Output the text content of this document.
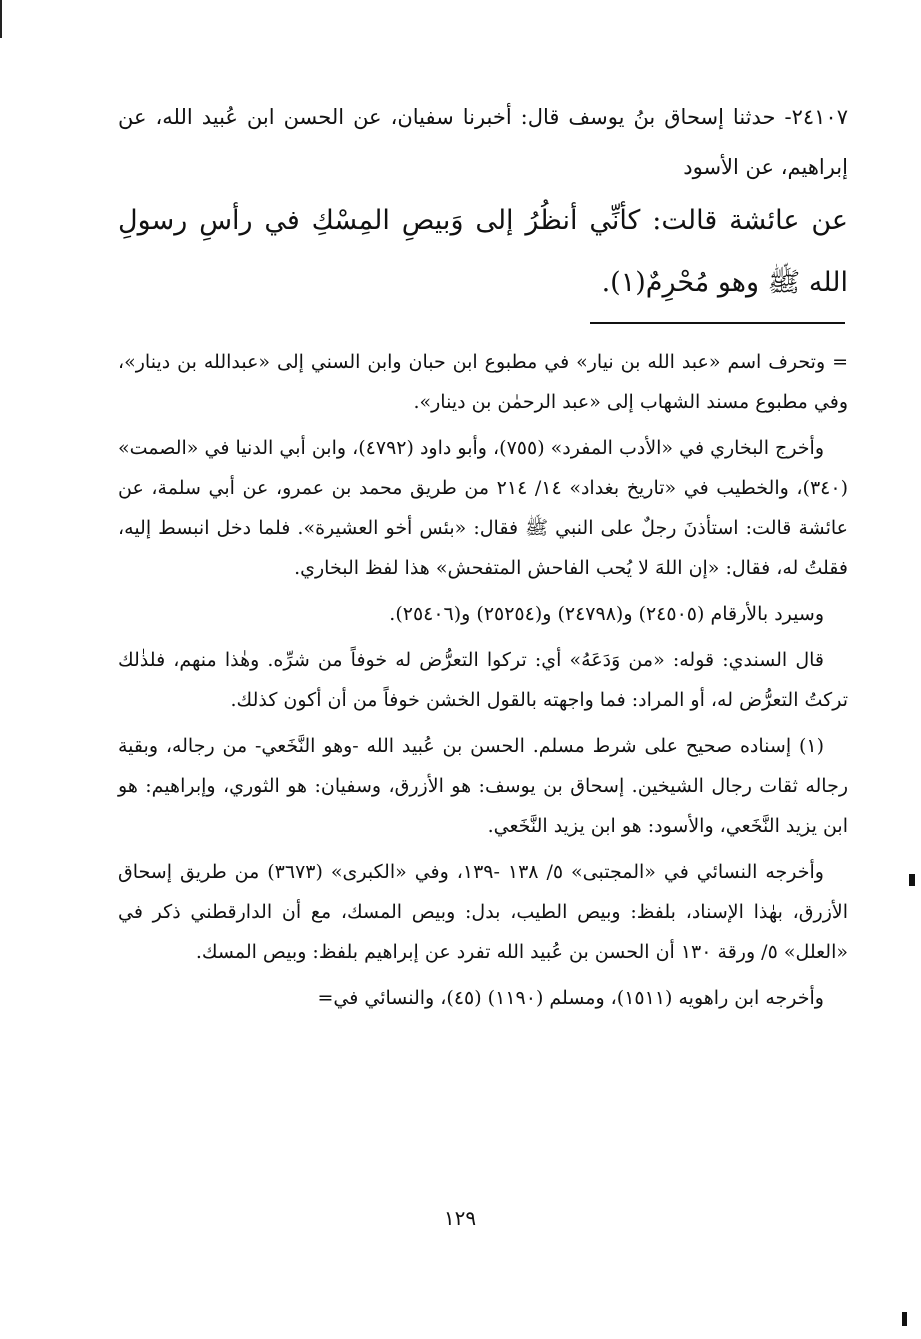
٢٤١٠٧- حدثنا إسحاق بنُ يوسف قال: أخبرنا سفيان، عن الحسن ابن عُبيد الله، عن إبراهيم، عن الأسود
عن عائشة قالت: كأنِّي أنظُرُ إلى وَبيصِ المِسْكِ في رأسِ رسولِ الله ﷺ وهو مُحْرِمٌ(١).

= وتحرف اسم «عبد الله بن نيار» في مطبوع ابن حبان وابن السني إلى «عبدالله بن دينار»، وفي مطبوع مسند الشهاب إلى «عبد الرحمٰن بن دينار».

وأخرج البخاري في «الأدب المفرد» (٧٥٥)، وأبو داود (٤٧٩٢)، وابن أبي الدنيا في «الصمت» (٣٤٠)، والخطيب في «تاريخ بغداد» ١٤/ ٢١٤ من طريق محمد بن عمرو، عن أبي سلمة، عن عائشة قالت: استأذنَ رجلٌ على النبي ﷺ فقال: «بئس أخو العشيرة». فلما دخل انبسط إليه، فقلتُ له، فقال: «إن اللهَ لا يُحب الفاحش المتفحش» هذا لفظ البخاري.

وسيرد بالأرقام (٢٤٥٠٥) و(٢٤٧٩٨) و(٢٥٢٥٤) و(٢٥٤٠٦).

قال السندي: قوله: «من وَدَعَهُ» أي: تركوا التعرُّض له خوفاً من شرِّه. وهٰذا منهم، فلذٰلك تركتُ التعرُّض له، أو المراد: فما واجهته بالقول الخشن خوفاً من أن أكون كذلك.

(١) إسناده صحيح على شرط مسلم. الحسن بن عُبيد الله -وهو النَّخَعي- من رجاله، وبقية رجاله ثقات رجال الشيخين. إسحاق بن يوسف: هو الأزرق، وسفيان: هو الثوري، وإبراهيم: هو ابن يزيد النَّخَعي، والأسود: هو ابن يزيد النَّخَعي.

وأخرجه النسائي في «المجتبى» ٥/ ١٣٨ -١٣٩، وفي «الكبرى» (٣٦٧٣) من طريق إسحاق الأزرق، بهٰذا الإسناد، بلفظ: وبيص الطيب، بدل: وبيص المسك، مع أن الدارقطني ذكر في «العلل» ٥/ ورقة ١٣٠ أن الحسن بن عُبيد الله تفرد عن إبراهيم بلفظ: وبيص المسك.

وأخرجه ابن راهويه (١٥١١)، ومسلم (١١٩٠) (٤٥)، والنسائي في=

١٢٩
